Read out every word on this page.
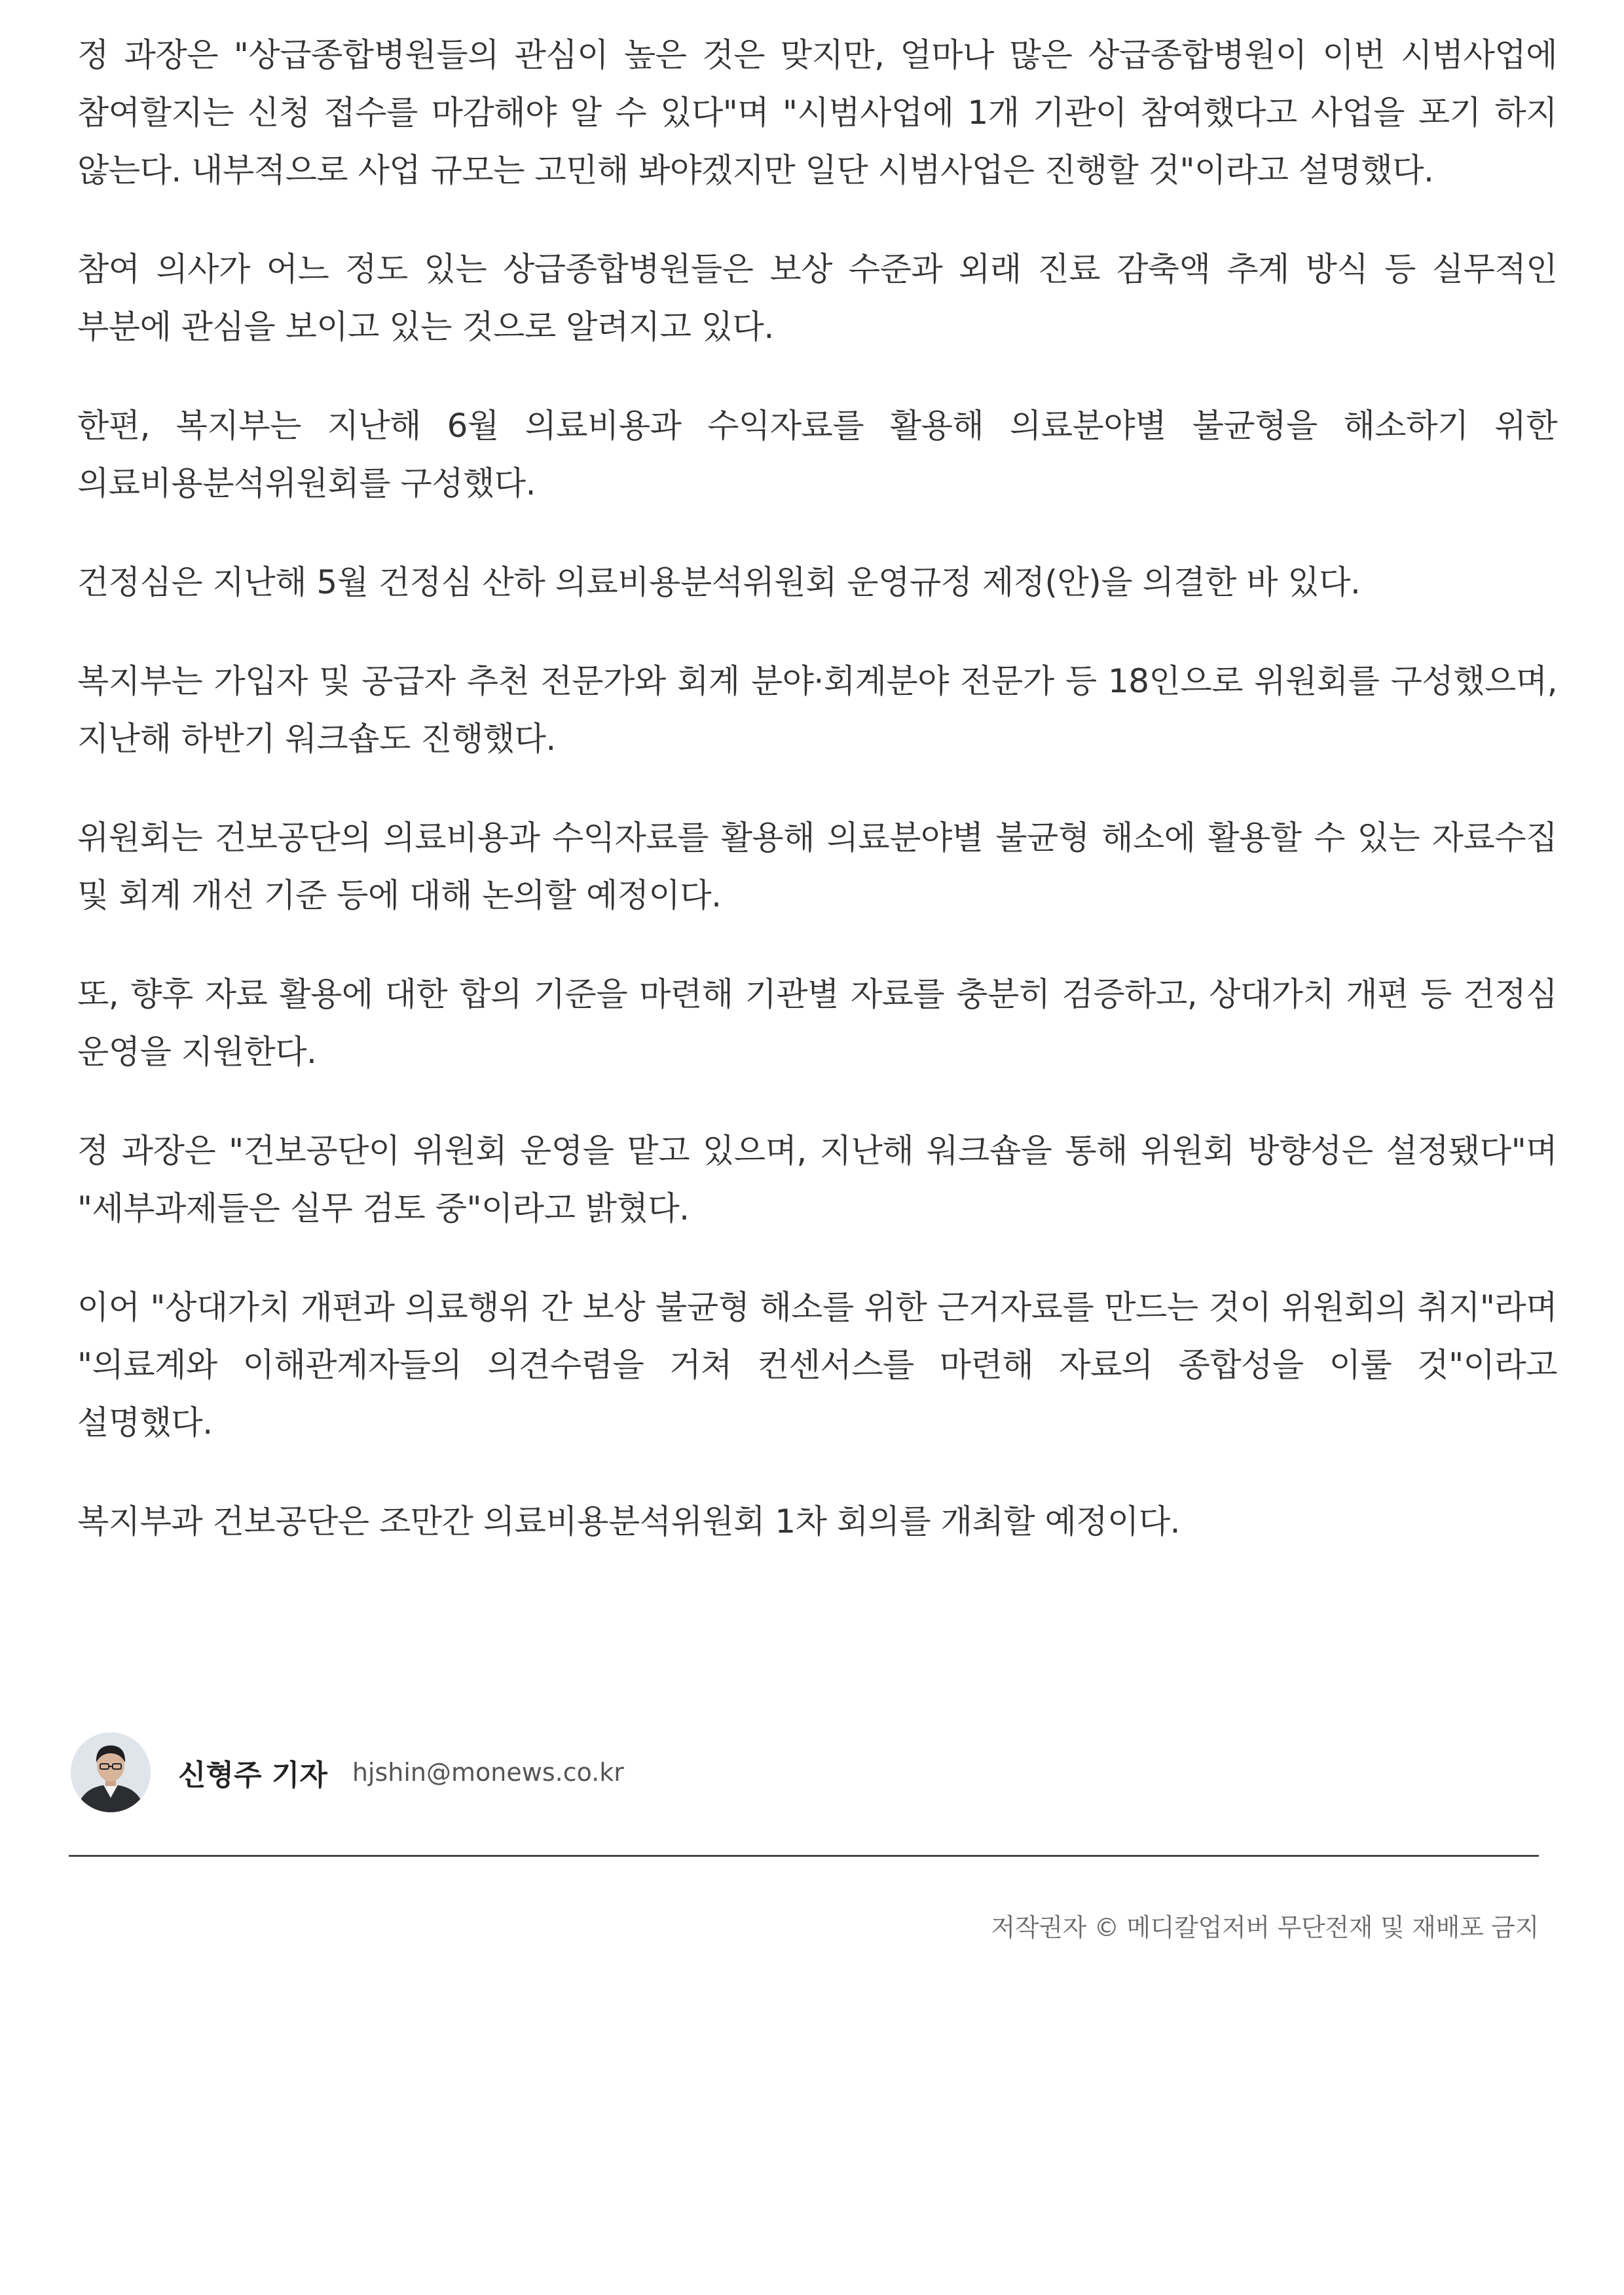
정 과장은 "상급종합병원들의 관심이 높은 것은 맞지만, 얼마나 많은 상급종합병원이 이번 시범사업에 참여할지는 신청 접수를 마감해야 알 수 있다"며 "시범사업에 1개 기관이 참여했다고 사업을 포기 하지 않는다. 내부적으로 사업 규모는 고민해 봐야겠지만 일단 시범사업은 진행할 것"이라고 설명했다.

참여 의사가 어느 정도 있는 상급종합병원들은 보상 수준과 외래 진료 감축액 추계 방식 등 실무적인 부분에 관심을 보이고 있는 것으로 알려지고 있다.

한편, 복지부는 지난해 6월 의료비용과 수익자료를 활용해 의료분야별 불균형을 해소하기 위한 의료비용분석위원회를 구성했다.

건정심은 지난해 5월 건정심 산하 의료비용분석위원회 운영규정 제정(안)을 의결한 바 있다.

복지부는 가입자 및 공급자 추천 전문가와 회계 분야·회계분야 전문가 등 18인으로 위원회를 구성했으며, 지난해 하반기 워크숍도 진행했다.

위원회는 건보공단의 의료비용과 수익자료를 활용해 의료분야별 불균형 해소에 활용할 수 있는 자료수집 및 회계 개선 기준 등에 대해 논의할 예정이다.

또, 향후 자료 활용에 대한 합의 기준을 마련해 기관별 자료를 충분히 검증하고, 상대가치 개편 등 건정심 운영을 지원한다.

정 과장은 "건보공단이 위원회 운영을 맡고 있으며, 지난해 워크숍을 통해 위원회 방향성은 설정됐다"며 "세부과제들은 실무 검토 중"이라고 밝혔다.

이어 "상대가치 개편과 의료행위 간 보상 불균형 해소를 위한 근거자료를 만드는 것이 위원회의 취지"라며 "의료계와 이해관계자들의 의견수렴을 거쳐 컨센서스를 마련해 자료의 종합성을 이룰 것"이라고 설명했다.

복지부과 건보공단은 조만간 의료비용분석위원회 1차 회의를 개최할 예정이다.

신형주 기자 hjshin@monews.co.kr
저작권자 © 메디칼업저버 무단전재 및 재배포 금지
